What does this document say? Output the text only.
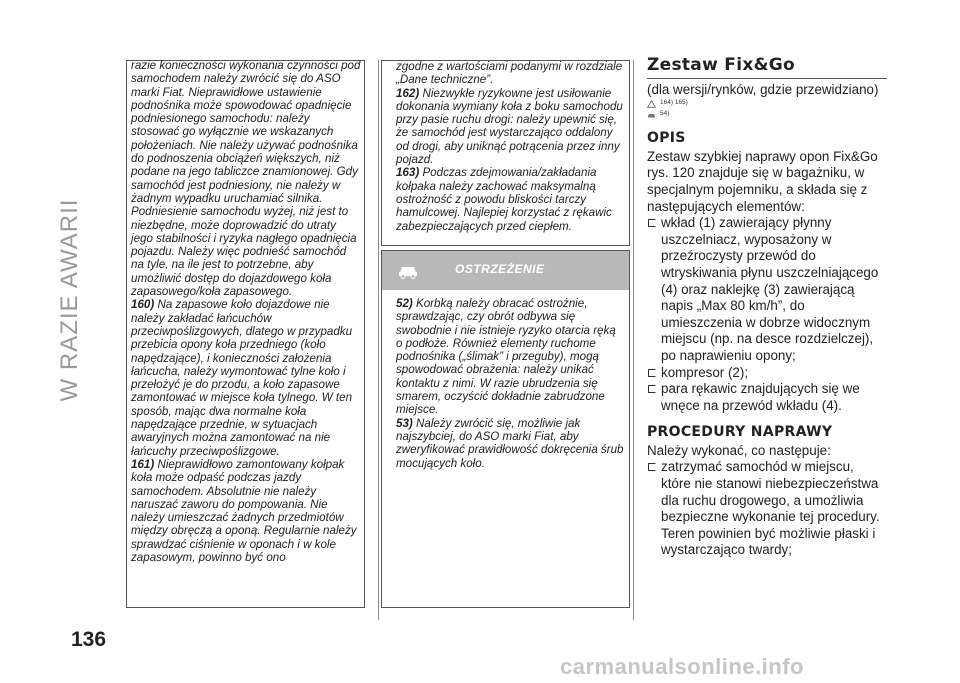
W RAZIE AWARII
136

razie konieczności wykonania czynności pod samochodem należy zwrócić się do ASO marki Fiat. Nieprawidłowe ustawienie podnośnika może spowodować opadnięcie podniesionego samochodu: należy stosować go wyłącznie we wskazanych położeniach. Nie należy używać podnośnika do podnoszenia obciążeń większych, niż podane na jego tabliczce znamionowej. Gdy samochód jest podniesiony, nie należy w żadnym wypadku uruchamiać silnika. Podniesienie samochodu wyżej, niż jest to niezbędne, może doprowadzić do utraty jego stabilności i ryzyka nagłego opadnięcia pojazdu. Należy więc podnieść samochód na tyle, na ile jest to potrzebne, aby umożliwić dostęp do dojazdowego koła zapasowego/koła zapasowego.

160) Na zapasowe koło dojazdowe nie należy zakładać łańcuchów przeciwpoślizgowych, dlatego w przypadku przebicia opony koła przedniego (koło napędzające), i konieczności założenia łańcucha, należy wymontować tylne koło i przełożyć je do przodu, a koło zapasowe zamontować w miejsce koła tylnego. W ten sposób, mając dwa normalne koła napędzające przednie, w sytuacjach awaryjnych można zamontować na nie łańcuchy przeciwpoślizgowe.

161) Nieprawidłowo zamontowany kołpak koła może odpaść podczas jazdy samochodem. Absolutnie nie należy naruszać zaworu do pompowania. Nie należy umieszczać żadnych przedmiotów między obręczą a oponą. Regularnie należy sprawdzać ciśnienie w oponach i w kole zapasowym, powinno być ono

zgodne z wartościami podanymi w rozdziale „Dane techniczne”.

162) Niezwykłe ryzykowne jest usiłowanie dokonania wymiany koła z boku samochodu przy pasie ruchu drogi: należy upewnić się, że samochód jest wystarczająco oddalony od drogi, aby uniknąć potrącenia przez inny pojazd.

163) Podczas zdejmowania/zakładania kołpaka należy zachować maksymalną ostrożność z powodu bliskości tarczy hamulcowej. Najlepiej korzystać z rękawic zabezpieczających przed ciepłem.

OSTRZEŻENIE

52) Korbką należy obracać ostrożnie, sprawdzając, czy obrót odbywa się swobodnie i nie istnieje ryzyko otarcia ręką o podłoże. Również elementy ruchome podnośnika („ślimak” i przeguby), mogą spowodować obrażenia: należy unikać kontaktu z nimi. W razie ubrudzenia się smarem, oczyścić dokładnie zabrudzone miejsce.

53) Należy zwrócić się, możliwie jak najszybciej, do ASO marki Fiat, aby zweryfikować prawidłowość dokręcenia śrub mocujących koło.

Zestaw Fix&Go

(dla wersji/rynków, gdzie przewidziano)

164) 165)
54)
OPIS

Zestaw szybkiej naprawy opon Fix&Go rys. 120 znajduje się w bagażniku, w specjalnym pojemniku, a składa się z następujących elementów:

wkład (1) zawierający płynny uszczelniacz, wyposażony w przeźroczysty przewód do wtryskiwania płynu uszczelniającego (4) oraz naklejkę (3) zawierającą napis „Max 80 km/h”, do umieszczenia w dobrze widocznym miejscu (np. na desce rozdzielczej), po naprawieniu opony;

kompresor (2);

para rękawic znajdujących się we wnęce na przewód wkładu (4).

PROCEDURY NAPRAWY

Należy wykonać, co następuje:

zatrzymać samochód w miejscu, które nie stanowi niebezpieczeństwa dla ruchu drogowego, a umożliwia bezpieczne wykonanie tej procedury. Teren powinien być możliwie płaski i wystarczająco twardy;

carmanualsonline.info
